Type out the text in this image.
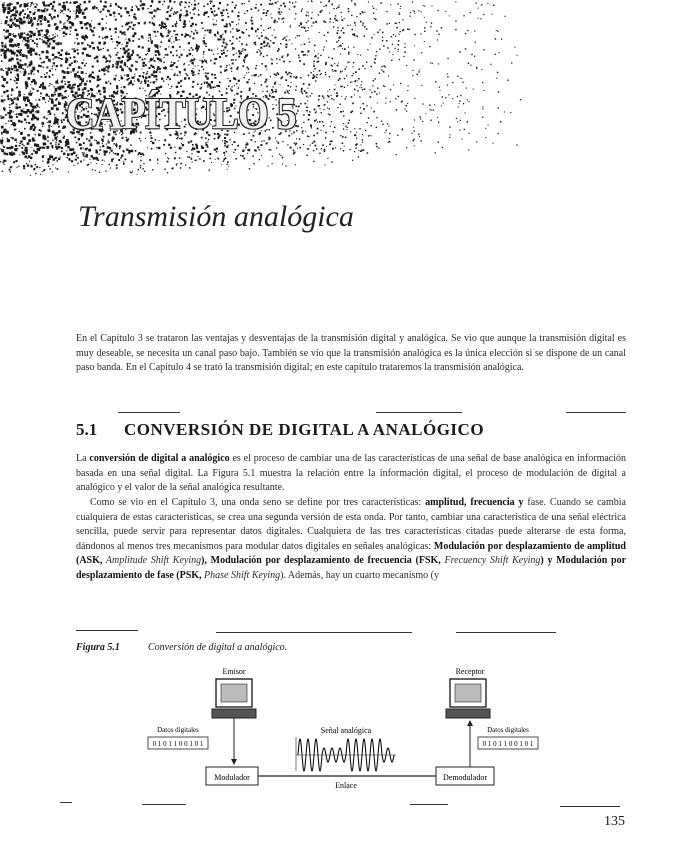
CAPÍTULO 5
Transmisión analógica
En el Capítulo 3 se trataron las ventajas y desventajas de la transmisión digital y analógica. Se vio que aunque la transmisión digital es muy deseable, se necesita un canal paso bajo. También se vio que la transmisión analógica es la única elección si se dispone de un canal paso banda. En el Capítulo 4 se trató la transmisión digital; en este capítulo trataremos la transmisión analógica.
5.1 CONVERSIÓN DE DIGITAL A ANALÓGICO
La conversión de digital a analógico es el proceso de cambiar una de las características de una señal de base analógica en información basada en una señal digital. La Figura 5.1 muestra la relación entre la información digital, el proceso de modulación de digital a analógico y el valor de la señal analógica resultante.
Como se vio en el Capítulo 3, una onda seno se define por tres características: amplitud, frecuencia y fase. Cuando se cambia cualquiera de estas características, se crea una segunda versión de esta onda. Por tanto, cambiar una característica de una señal eléctrica sencilla, puede servir para representar datos digitales. Cualquiera de las tres características citadas puede alterarse de esta forma, dándonos al menos tres mecanismos para modular datos digitales en señales analógicas: Modulación por desplazamiento de amplitud (ASK, Amplitude Shift Keying), Modulación por desplazamiento de frecuencia (FSK, Frecuency Shift Keying) y Modulación por desplazamiento de fase (PSK, Phase Shift Keying). Además, hay un cuarto mecanismo (y
Figura 5.1	Conversión de digital a analógico.
Emisor	Receptor
Datos digitales
0 1 0 1 1 0 0 1 0 1
Modulador
Enlace
Demodulador
Señal analógica	Datos digitales
0 1 0 1 1 0 0 1 0 1
135
